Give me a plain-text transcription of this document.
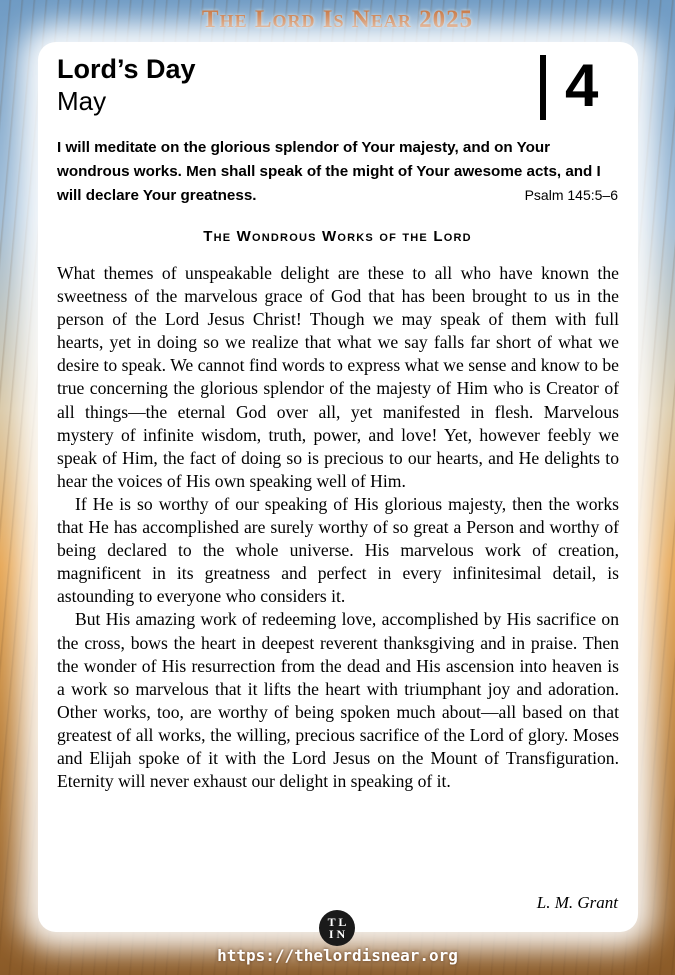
The Lord Is Near 2025
Lord’s Day
May	4
I will meditate on the glorious splendor of Your majesty, and on Your wondrous works. Men shall speak of the might of Your awesome acts, and I will declare Your greatness.	Psalm 145:5–6
The Wondrous Works of the Lord

What themes of unspeakable delight are these to all who have known the sweetness of the marvelous grace of God that has been brought to us in the person of the Lord Jesus Christ! Though we may speak of them with full hearts, yet in doing so we realize that what we say falls far short of what we desire to speak. We cannot find words to express what we sense and know to be true concerning the glorious splendor of the majesty of Him who is Creator of all things—the eternal God over all, yet manifested in flesh. Marvelous mystery of infinite wisdom, truth, power, and love! Yet, however feebly we speak of Him, the fact of doing so is precious to our hearts, and He delights to hear the voices of His own speaking well of Him.

If He is so worthy of our speaking of His glorious majesty, then the works that He has accomplished are surely worthy of so great a Person and worthy of being declared to the whole universe. His marvelous work of creation, magnificent in its greatness and perfect in every infinitesimal detail, is astounding to everyone who considers it.

But His amazing work of redeeming love, accomplished by His sacrifice on the cross, bows the heart in deepest reverent thanksgiving and in praise. Then the wonder of His resurrection from the dead and His ascension into heaven is a work so marvelous that it lifts the heart with triumphant joy and adoration. Other works, too, are worthy of being spoken much about—all based on that greatest of all works, the willing, precious sacrifice of the Lord of glory. Moses and Elijah spoke of it with the Lord Jesus on the Mount of Transfiguration. Eternity will never exhaust our delight in speaking of it.

L. M. Grant
T L
I N
https://thelordisnear.org
